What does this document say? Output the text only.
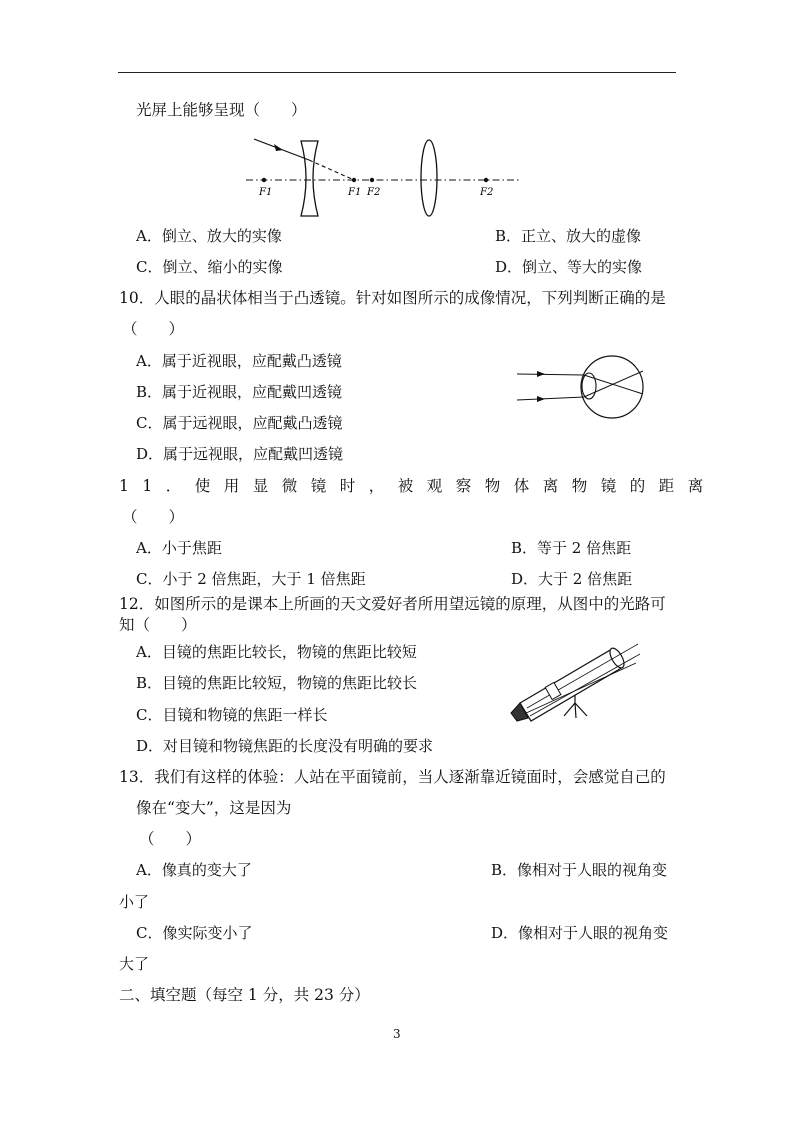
光屏上能够呈现（　　）
F1	F1 F2	F2
A．倒立、放大的实像	B．正立、放大的虚像
C．倒立、缩小的实像	D．倒立、等大的实像
10．人眼的晶状体相当于凸透镜。针对如图所示的成像情况，下列判断正确的是
（　　）
A．属于近视眼，应配戴凸透镜
B．属于近视眼，应配戴凹透镜
C．属于远视眼，应配戴凸透镜
D．属于远视眼，应配戴凹透镜
11．使用显微镜时，被观察物体离物镜的距离
（　　）
A．小于焦距	B．等于 2 倍焦距
C．小于 2 倍焦距，大于 1 倍焦距	D．大于 2 倍焦距
12．如图所示的是课本上所画的天文爱好者所用望远镜的原理，从图中的光路可
知（　　）
A．目镜的焦距比较长，物镜的焦距比较短
B．目镜的焦距比较短，物镜的焦距比较长
C．目镜和物镜的焦距一样长
D．对目镜和物镜焦距的长度没有明确的要求
13．我们有这样的体验：人站在平面镜前，当人逐渐靠近镜面时，会感觉自己的
像在“变大”，这是因为
（　　）
A．像真的变大了	B．像相对于人眼的视角变
小了
C．像实际变小了	D．像相对于人眼的视角变
大了
二、填空题（每空 1 分，共 23 分）
3
